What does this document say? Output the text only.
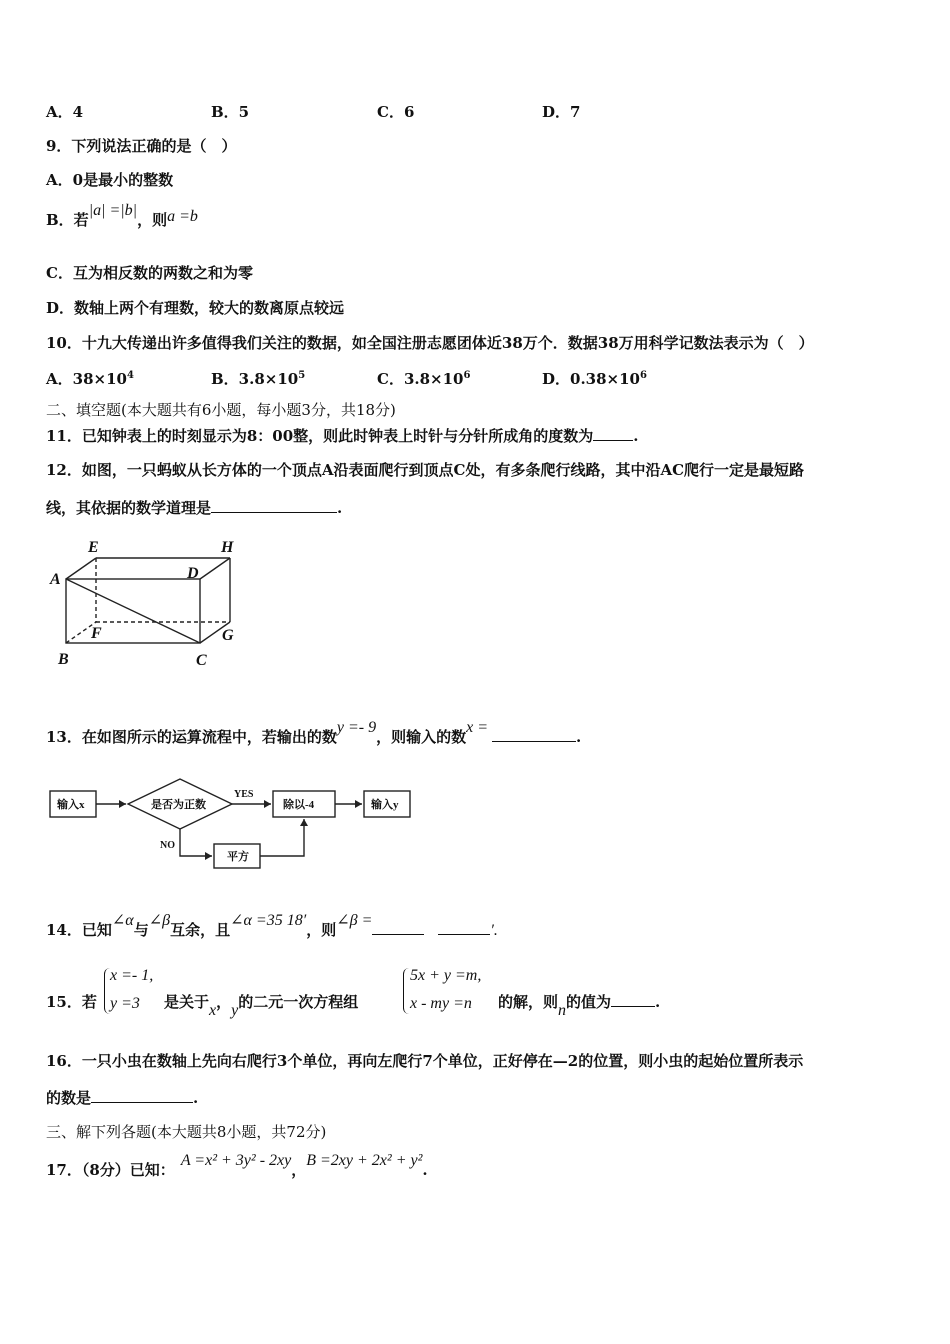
A．4	B．5	C．6	D．7
9．下列说法正确的是（　）
A．0是最小的整数
B．若|a| =|b|，则a =b
C．互为相反数的两数之和为零
D．数轴上两个有理数，较大的数离原点较远
10．十九大传递出许多值得我们关注的数据，如全国注册志愿团体近38万个．数据38万用科学记数法表示为（　）
A．$38\times 10^4$	B．$3.8\times 10^5$	C．$3.8\times 10^6$	D．$0.38\times 10^6$
二、填空题(本大题共有6小题，每小题3分，共18分)
11．已知钟表上的时刻显示为8：00整，则此时钟表上时针与分针所成角的度数为	.
12．如图，一只蚂蚁从长方体的一个顶点A沿表面爬行到顶点C处，有多条爬行线路，其中沿AC爬行一定是最短路
线，其依据的数学道理是	.
A
B	C
D
E
F	G
H
13．在如图所示的运算流程中，若输出的数y =- 9，则输入的数x =.
输入x	是否为正数
YES
NO
除以-4	输入y
平方
14．已知∠α与∠β互余，且∠α =35 18′，则∠β =′.
15．若
x =- 1,
y =3 是关于x，y的二元一次方程组
5x + y =m,
x - my =n 的解，则n的值为	.
16．一只小虫在数轴上先向右爬行3个单位，再向左爬行7个单位，正好停在—2的位置，则小虫的起始位置所表示
的数是	.
三、解下列各题(本大题共8小题，共72分)
17．（8分）已知：A =x² + 3y² - 2xy，B =2xy + 2x² + y².
